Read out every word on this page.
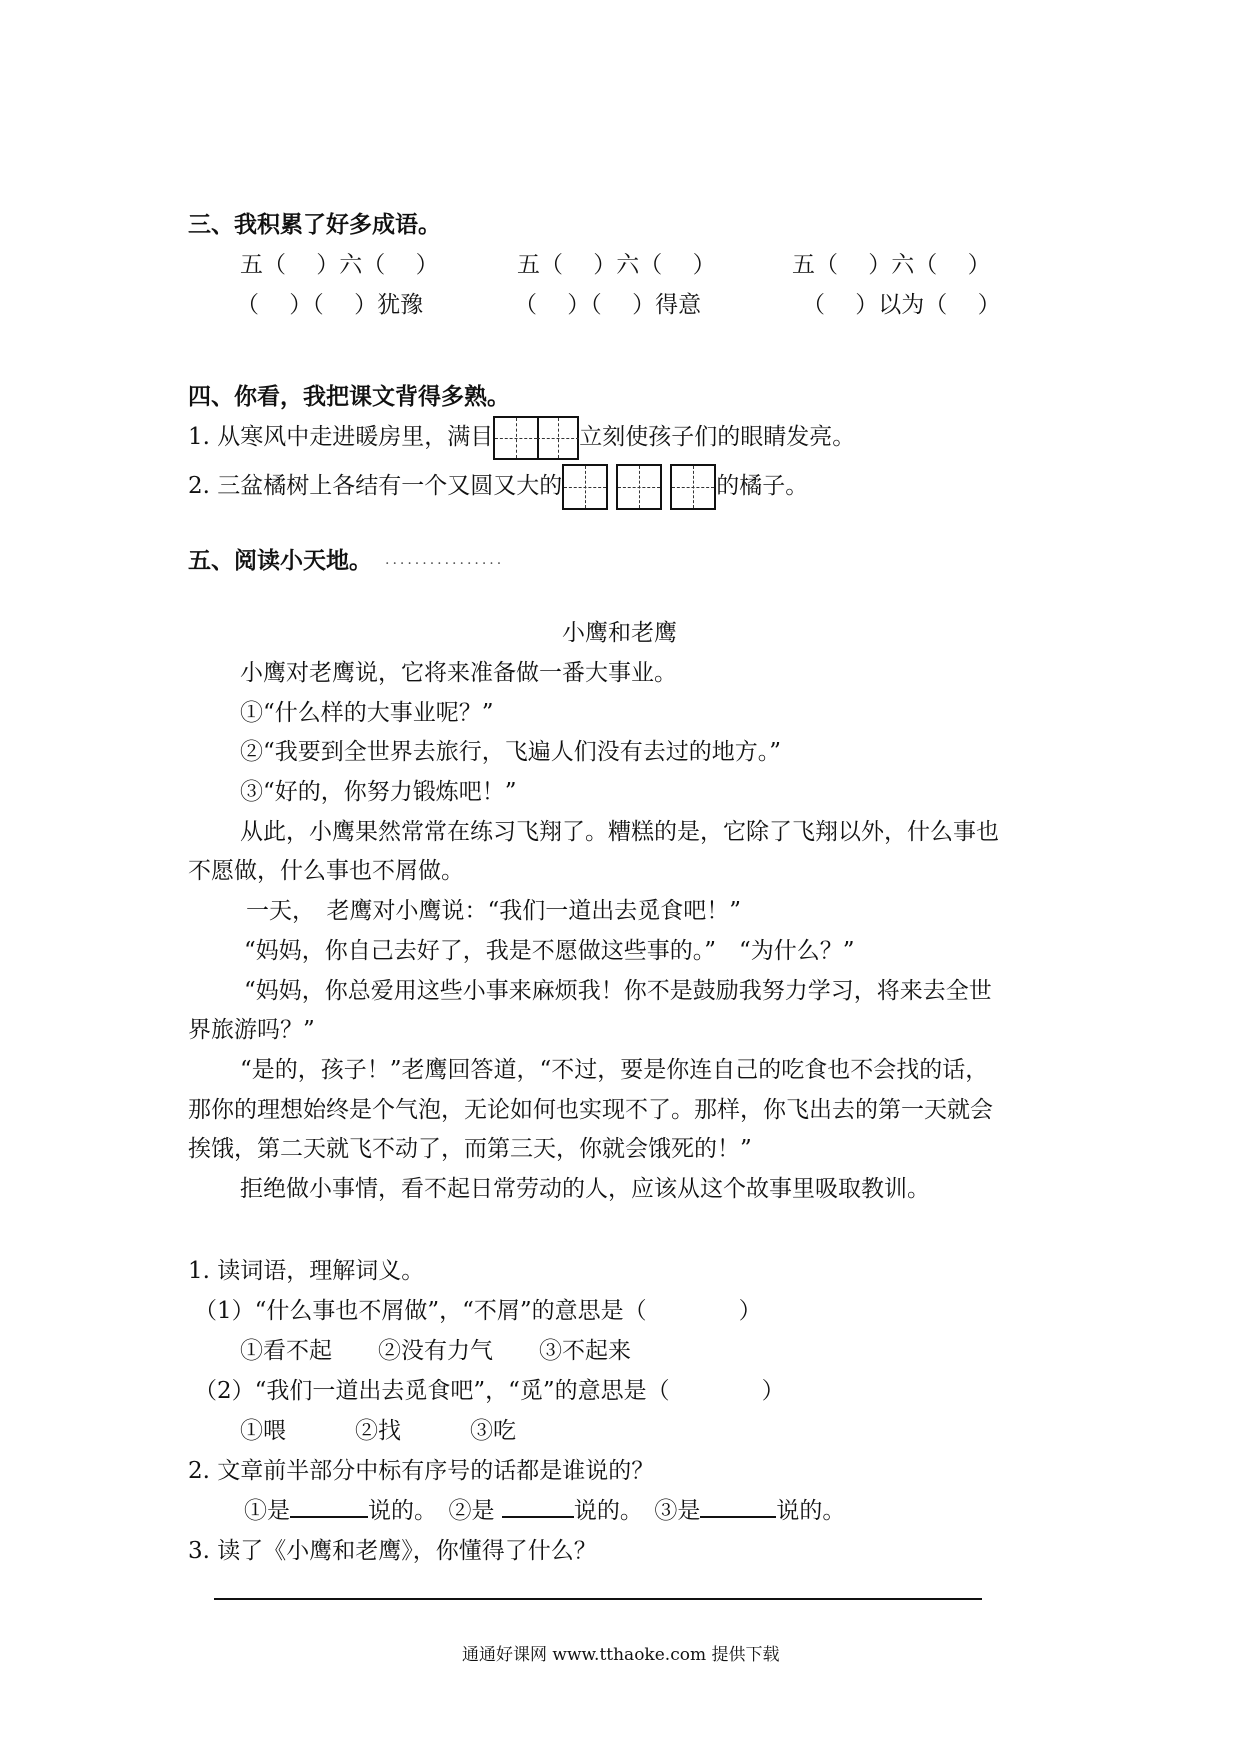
三、我积累了好多成语。
五（　 ）六（　 ）	五（　 ）六（　 ）	五（　 ）六（　 ）
（　 ）（　 ）犹豫	（　 ）（　 ）得意	（　 ）以为（　 ）
四、你看，我把课文背得多熟。
1. 从寒风中走进暖房里，满目	立刻使孩子们的眼睛发亮。
2. 三盆橘树上各结有一个又圆又大的	的橘子。
五、阅读小天地。 ................
小鹰和老鹰
小鹰对老鹰说，它将来准备做一番大事业。
①“什么样的大事业呢？”
②“我要到全世界去旅行，飞遍人们没有去过的地方。”
③“好的，你努力锻炼吧！”
从此，小鹰果然常常在练习飞翔了。糟糕的是，它除了飞翔以外，什么事也
不愿做，什么事也不屑做。
一天，　老鹰对小鹰说：“我们一道出去觅食吧！”
“妈妈，你自己去好了，我是不愿做这些事的。”　“为什么？”
“妈妈，你总爱用这些小事来麻烦我！你不是鼓励我努力学习，将来去全世
界旅游吗？”
“是的，孩子！”老鹰回答道，“不过，要是你连自己的吃食也不会找的话，
那你的理想始终是个气泡，无论如何也实现不了。那样，你飞出去的第一天就会
挨饿，第二天就飞不动了，而第三天，你就会饿死的！”
拒绝做小事情，看不起日常劳动的人，应该从这个故事里吸取教训。
1. 读词语，理解词义。
（1）“什么事也不屑做”，“不屑”的意思是（　　　　）
①看不起　　②没有力气　　③不起来
（2）“我们一道出去觅食吧”，“觅”的意思是（　　　　）
①喂　　　②找　　　③吃
2. 文章前半部分中标有序号的话都是谁说的？
①是	说的。　②是	说的。　③是	说的。
3. 读了《小鹰和老鹰》，你懂得了什么？
通通好课网 www.tthaoke.com 提供下载
